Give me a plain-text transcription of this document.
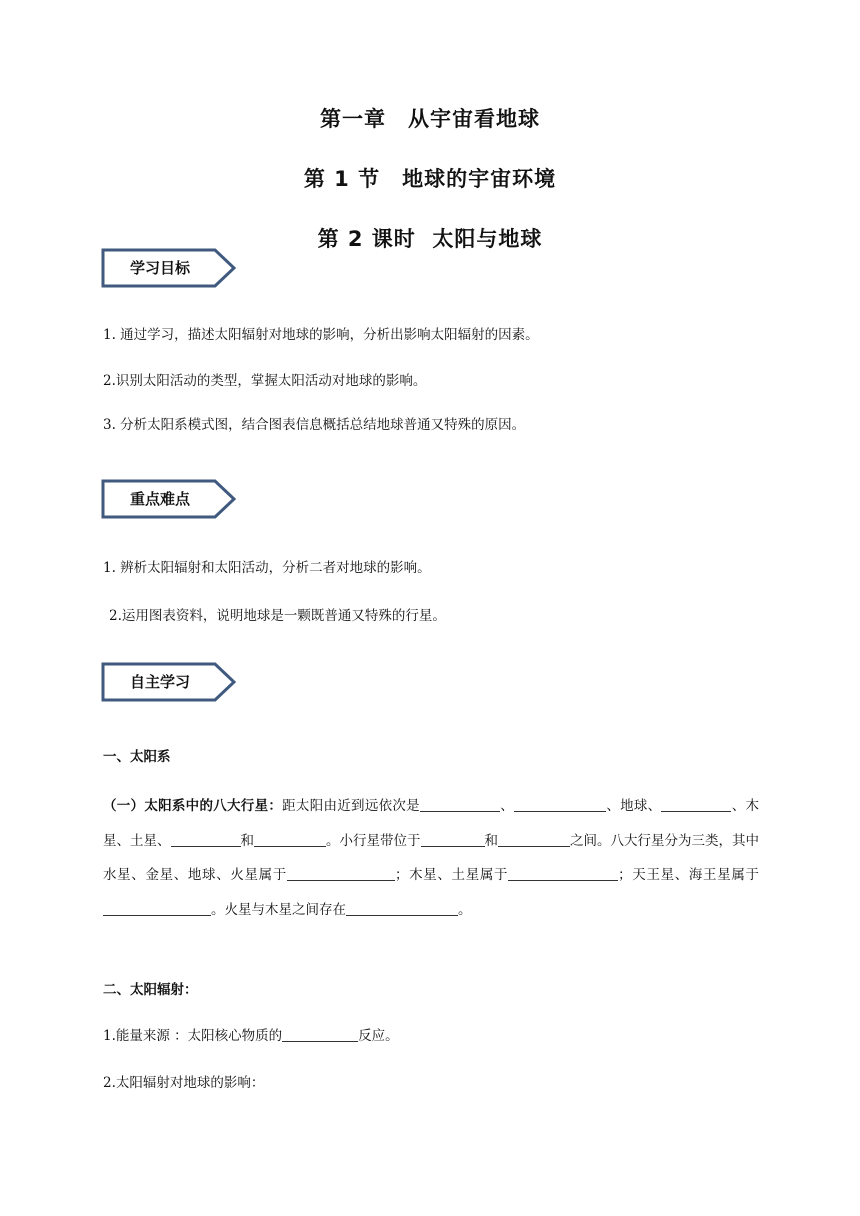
第一章　从宇宙看地球
第 1 节　地球的宇宙环境
第 2 课时  太阳与地球
学习目标
1. 通过学习，描述太阳辐射对地球的影响，分析出影响太阳辐射的因素。
2.识别太阳活动的类型，掌握太阳活动对地球的影响。
3. 分析太阳系模式图，结合图表信息概括总结地球普通又特殊的原因。
重点难点
1. 辨析太阳辐射和太阳活动，分析二者对地球的影响。
2.运用图表资料，说明地球是一颗既普通又特殊的行星。
自主学习
一、太阳系
（一）太阳系中的八大行星：距太阳由近到远依次是	、	、地球、	、木星、土星、	和	。小行星带位于	和	之间。八大行星分为三类，其中水星、金星、地球、火星属于	；木星、土星属于	；天王星、海王星属于。火星与木星之间存在	。
二、太阳辐射：
1.能量来源 ：太阳核心物质的	反应。
2.太阳辐射对地球的影响：
